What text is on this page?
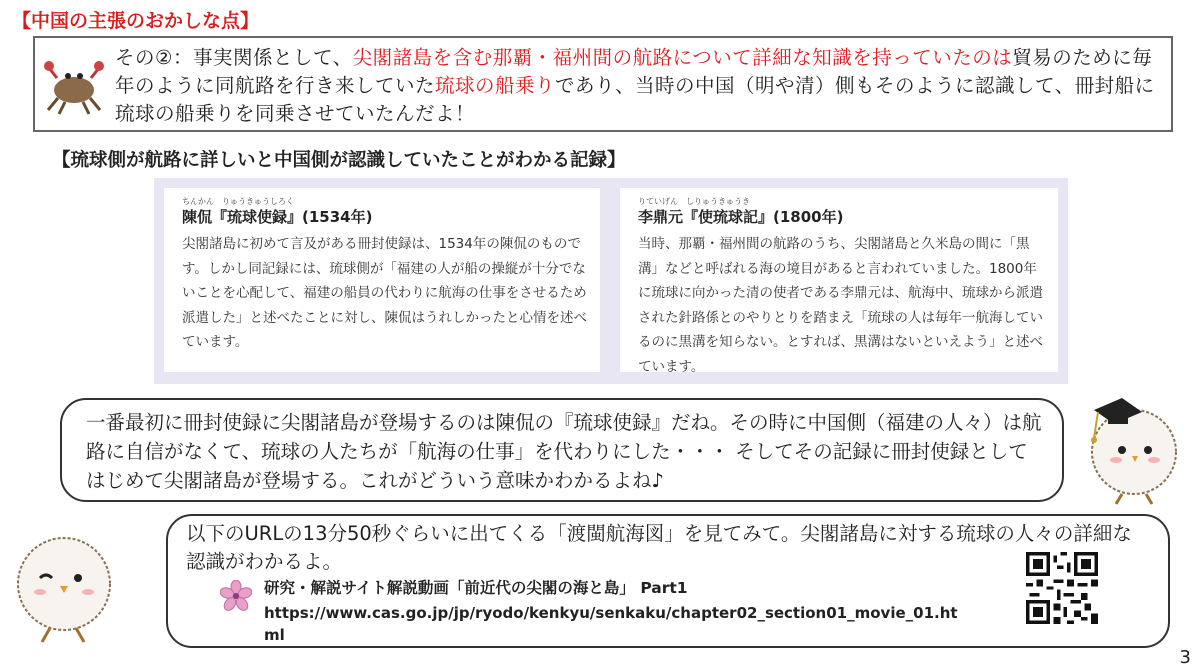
【中国の主張のおかしな点】
その②：事実関係として、尖閣諸島を含む那覇・福州間の航路について詳細な知識を持っていたのは貿易のために毎年のように同航路を行き来していた琉球の船乗りであり、当時の中国（明や清）側もそのように認識して、冊封船に琉球の船乗りを同乗させていたんだよ！
【琉球側が航路に詳しいと中国側が認識していたことがわかる記録】
ちんかん　りゅうきゅうしろく
陳侃『琉球使録』(1534年)
尖閣諸島に初めて言及がある冊封使録は、1534年の陳侃のものです。しかし同記録には、琉球側が「福建の人が船の操縦が十分でないことを心配して、福建の船員の代わりに航海の仕事をさせるため派遣した」と述べたことに対し、陳侃はうれしかったと心情を述べています。
りていげん　しりゅうきゅうき
李鼎元『使琉球記』(1800年)
当時、那覇・福州間の航路のうち、尖閣諸島と久米島の間に「黒溝」などと呼ばれる海の境目があると言われていました。1800年に琉球に向かった清の使者である李鼎元は、航海中、琉球から派遣された針路係とのやりとりを踏まえ「琉球の人は毎年一航海しているのに黒溝を知らない。とすれば、黒溝はないといえよう」と述べています。
一番最初に冊封使録に尖閣諸島が登場するのは陳侃の『琉球使録』だね。その時に中国側（福建の人々）は航路に自信がなくて、琉球の人たちが「航海の仕事」を代わりにした・・・ そしてその記録に冊封使録としてはじめて尖閣諸島が登場する。これがどういう意味かわかるよね♪
以下のURLの13分50秒ぐらいに出てくる「渡閩航海図」を見てみて。尖閣諸島に対する琉球の人々の詳細な認識がわかるよ。
研究・解説サイト解説動画「前近代の尖閣の海と島」 Part1
https://www.cas.go.jp/jp/ryodo/kenkyu/senkaku/chapter02_section01_movie_01.html
3
